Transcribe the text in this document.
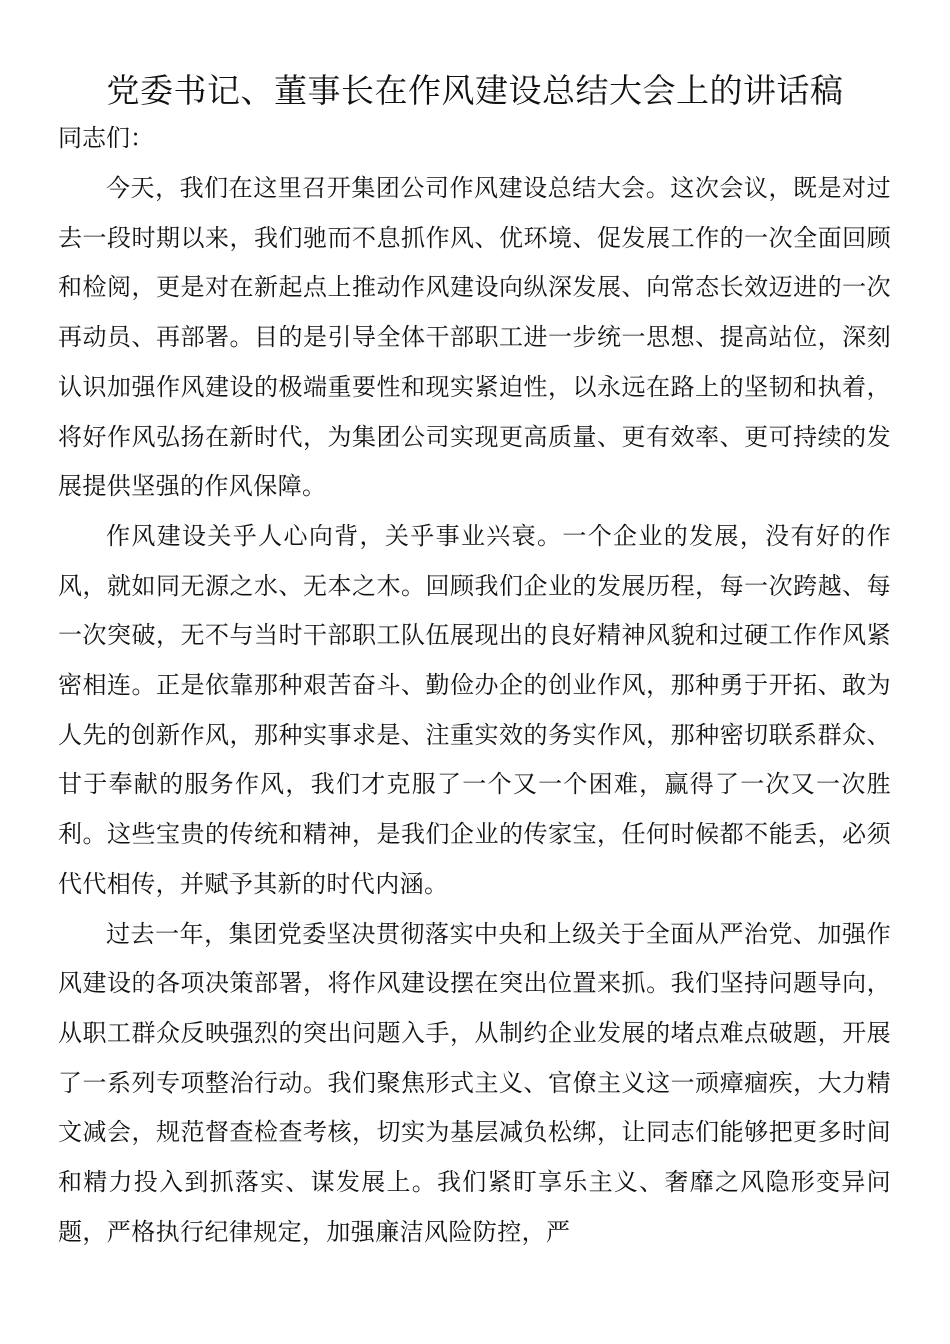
党委书记、董事长在作风建设总结大会上的讲话稿

同志们：

今天，我们在这里召开集团公司作风建设总结大会。这次会议，既是对过去一段时期以来，我们驰而不息抓作风、优环境、促发展工作的一次全面回顾和检阅，更是对在新起点上推动作风建设向纵深发展、向常态长效迈进的一次再动员、再部署。目的是引导全体干部职工进一步统一思想、提高站位，深刻认识加强作风建设的极端重要性和现实紧迫性，以永远在路上的坚韧和执着，将好作风弘扬在新时代，为集团公司实现更高质量、更有效率、更可持续的发展提供坚强的作风保障。

作风建设关乎人心向背，关乎事业兴衰。一个企业的发展，没有好的作风，就如同无源之水、无本之木。回顾我们企业的发展历程，每一次跨越、每一次突破，无不与当时干部职工队伍展现出的良好精神风貌和过硬工作作风紧密相连。正是依靠那种艰苦奋斗、勤俭办企的创业作风，那种勇于开拓、敢为人先的创新作风，那种实事求是、注重实效的务实作风，那种密切联系群众、甘于奉献的服务作风，我们才克服了一个又一个困难，赢得了一次又一次胜利。这些宝贵的传统和精神，是我们企业的传家宝，任何时候都不能丢，必须代代相传，并赋予其新的时代内涵。

过去一年，集团党委坚决贯彻落实中央和上级关于全面从严治党、加强作风建设的各项决策部署，将作风建设摆在突出位置来抓。我们坚持问题导向，从职工群众反映强烈的突出问题入手，从制约企业发展的堵点难点破题，开展了一系列专项整治行动。我们聚焦形式主义、官僚主义这一顽瘴痼疾，大力精文减会，规范督查检查考核，切实为基层减负松绑，让同志们能够把更多时间和精力投入到抓落实、谋发展上。我们紧盯享乐主义、奢靡之风隐形变异问题，严格执行纪律规定，加强廉洁风险防控，严
